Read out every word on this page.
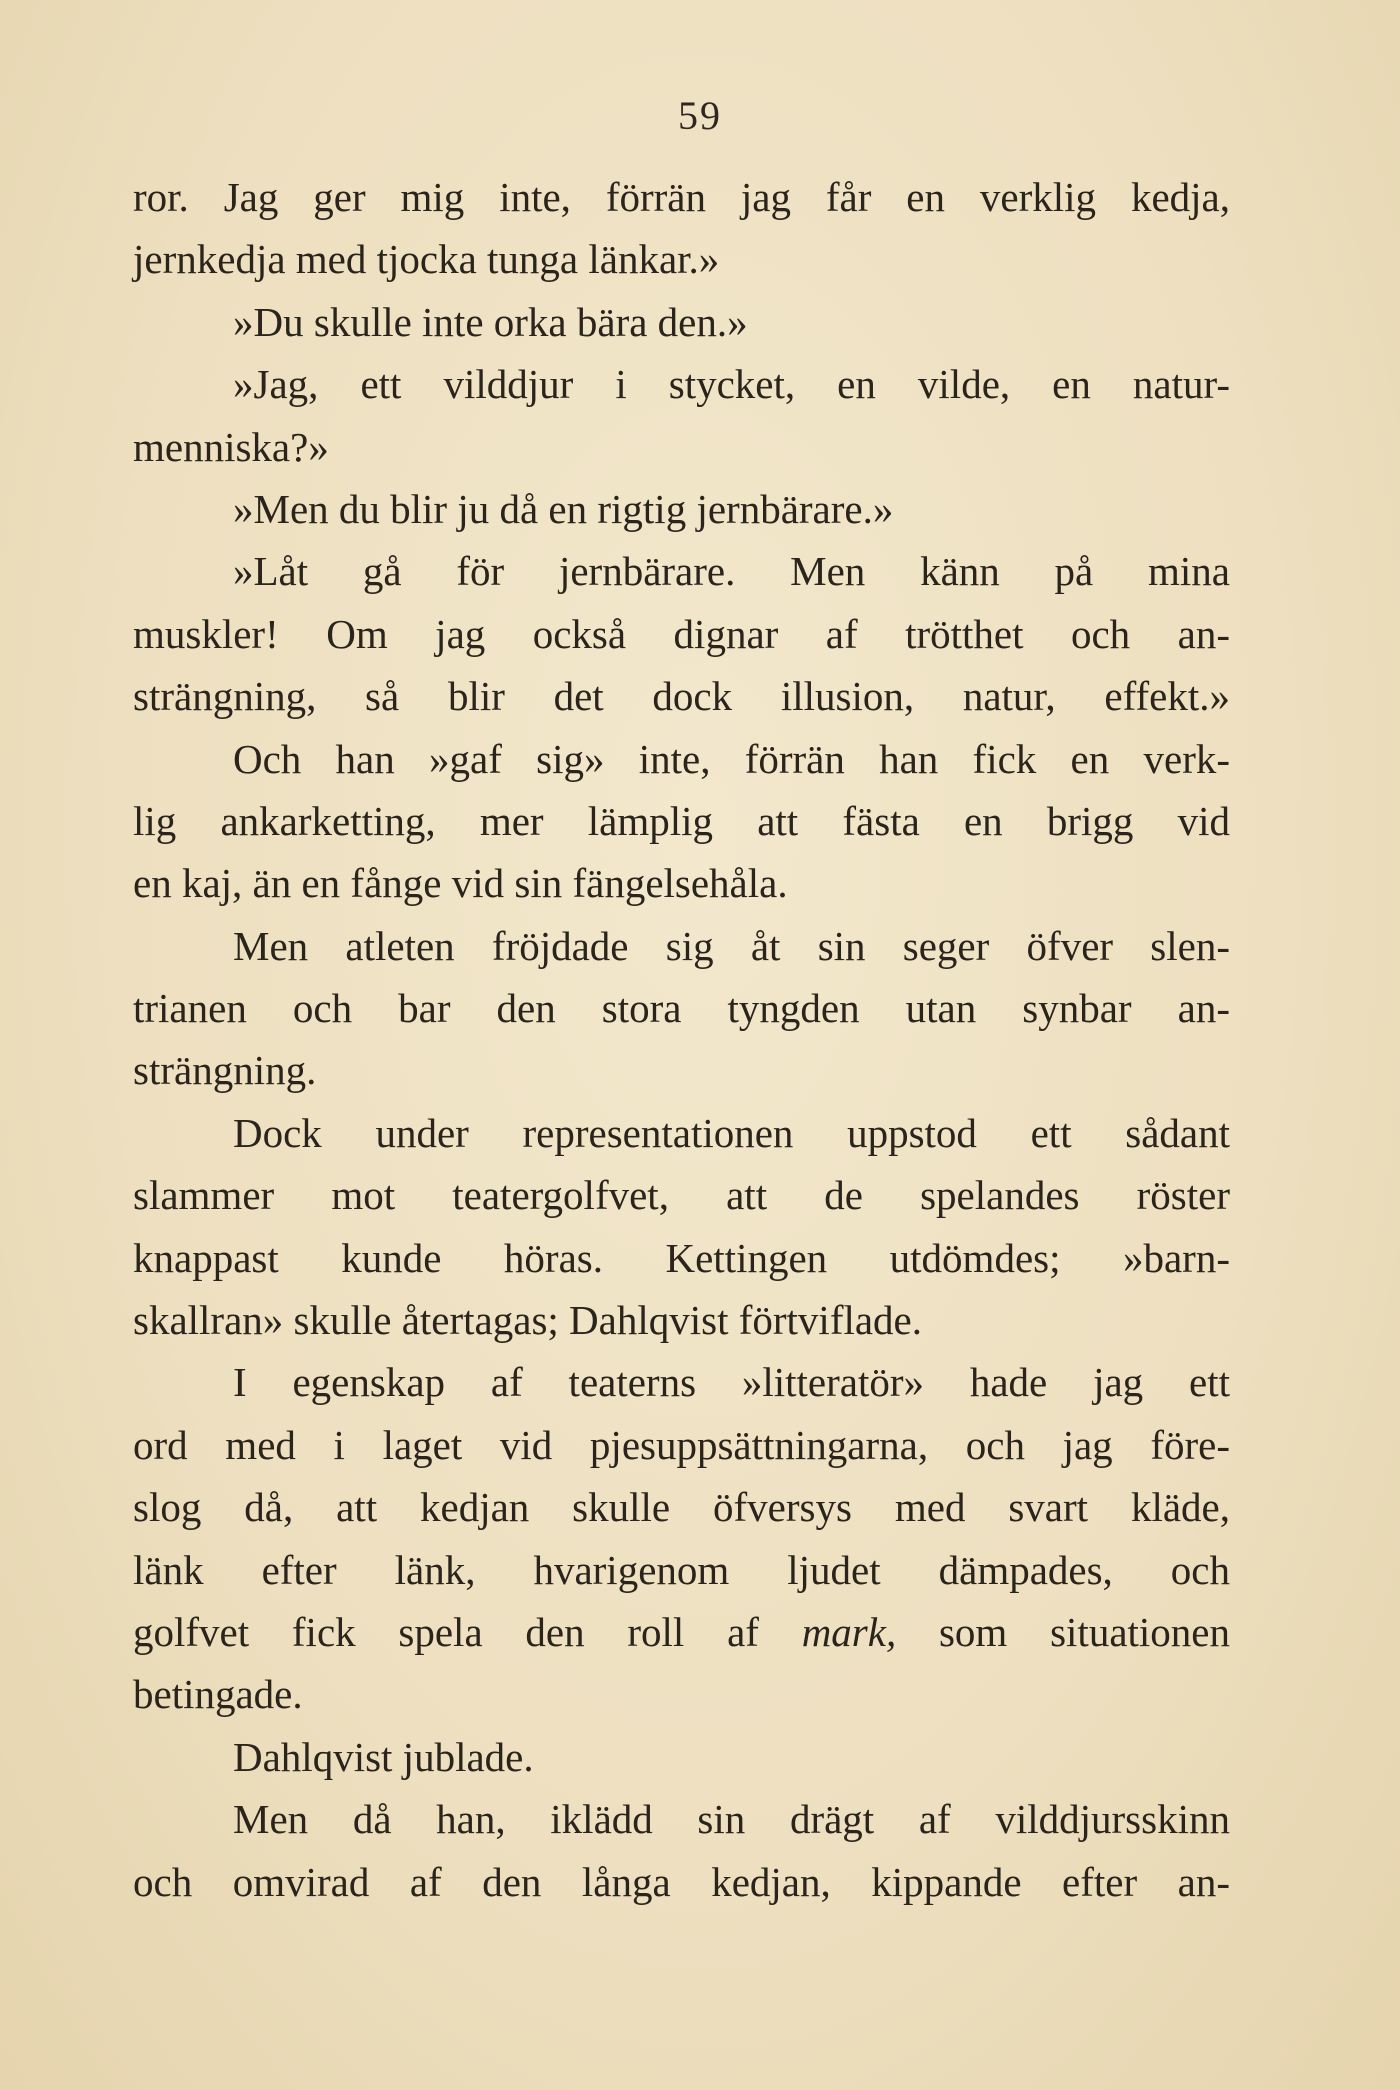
59
ror. Jag ger mig inte, förrän jag får en verklig kedja,
jernkedja med tjocka tunga länkar.»
»Du skulle inte orka bära den.»
»Jag, ett vilddjur i stycket, en vilde, en natur-
menniska?»
»Men du blir ju då en rigtig jernbärare.»
»Låt gå för jernbärare. Men känn på mina
muskler! Om jag också dignar af trötthet och an-
strängning, så blir det dock illusion, natur, effekt.»
Och han »gaf sig» inte, förrän han fick en verk-
lig ankarketting, mer lämplig att fästa en brigg vid
en kaj, än en fånge vid sin fängelsehåla.
Men atleten fröjdade sig åt sin seger öfver slen-
trianen och bar den stora tyngden utan synbar an-
strängning.
Dock under representationen uppstod ett sådant
slammer mot teatergolfvet, att de spelandes röster
knappast kunde höras. Kettingen utdömdes; »barn-
skallran» skulle återtagas; Dahlqvist förtviflade.
I egenskap af teaterns »litteratör» hade jag ett
ord med i laget vid pjesuppsättningarna, och jag före-
slog då, att kedjan skulle öfversys med svart kläde,
länk efter länk, hvarigenom ljudet dämpades, och
golfvet fick spela den roll af mark, som situationen
betingade.
Dahlqvist jublade.
Men då han, iklädd sin drägt af vilddjursskinn
och omvirad af den långa kedjan, kippande efter an-
